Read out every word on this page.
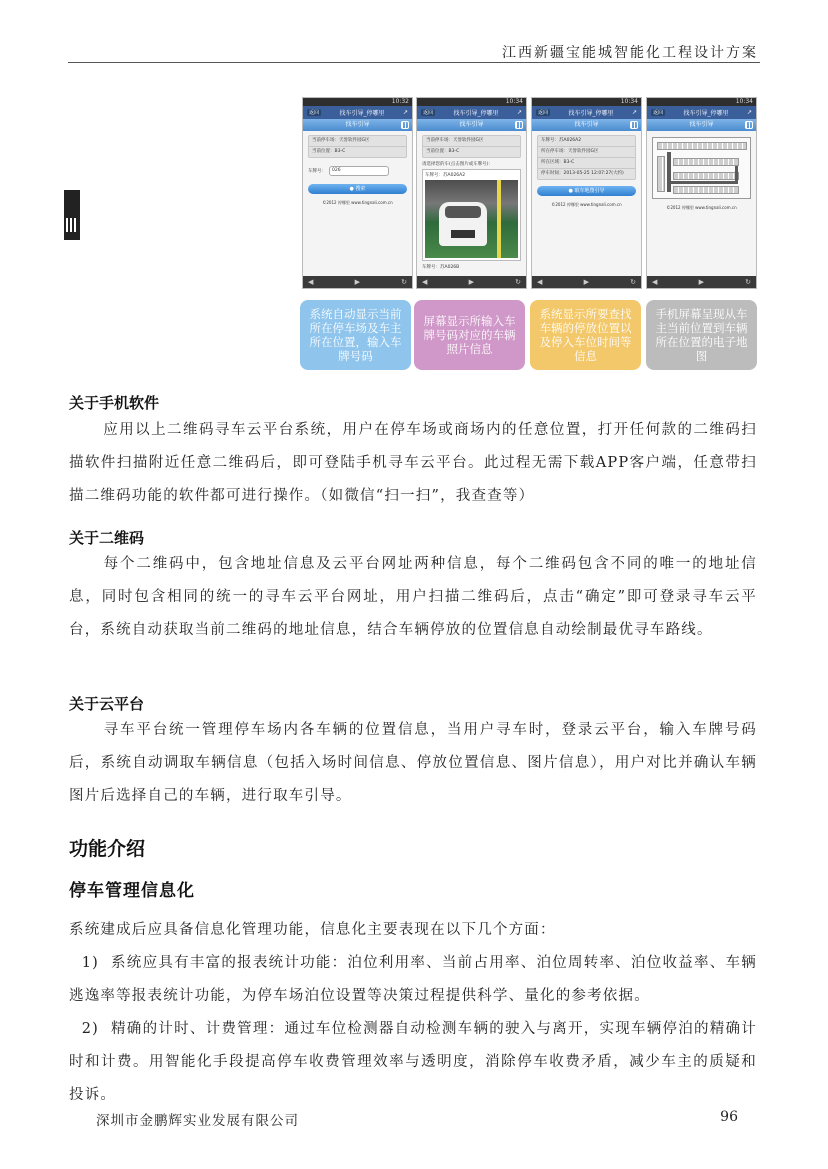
江西新疆宝能城智能化工程设计方案
10:32
返回	找车引导_停哪里	↗
找车引导
当前停车场：天誉软件园G区
当前位置：B3-C
车牌号：	026
● 搜索
©2012 停哪里 www.tingnali.com.cn
◀	▶	↻
10:34
返回	找车引导_停哪里	↗
找车引导
当前停车场：天誉软件园G区
当前位置：B3-C
请选择您的车(点击图片或车牌号)：
车牌号：苏A026A2
车牌号：苏A026B
◀	▶	↻
10:34
返回	找车引导_停哪里	↗
找车引导
车牌号：苏A026A2
所在停车场：天誉软件园G区
所在区域：B3-C
停车时间：2013-05-25 12:07:27(大约)
● 取车地图引导
©2012 停哪里 www.tingnali.com.cn
◀	▶	↻
10:34
返回	找车引导_停哪里	↗
找车引导
©2012 停哪里 www.tingnali.com.cn
◀	▶	↻
系统自动显示当前所在停车场及车主所在位置，输入车牌号码
屏幕显示所输入车牌号码对应的车辆照片信息
系统显示所要查找车辆的停放位置以及停入车位时间等信息
手机屏幕呈现从车主当前位置到车辆所在位置的电子地图
关于手机软件
应用以上二维码寻车云平台系统，用户在停车场或商场内的任意位置，打开任何款的二维码扫描软件扫描附近任意二维码后，即可登陆手机寻车云平台。此过程无需下载APP客户端，任意带扫描二维码功能的软件都可进行操作。（如微信“扫一扫”，我查查等）
关于二维码
每个二维码中，包含地址信息及云平台网址两种信息，每个二维码包含不同的唯一的地址信息，同时包含相同的统一的寻车云平台网址，用户扫描二维码后，点击“确定”即可登录寻车云平台，系统自动获取当前二维码的地址信息，结合车辆停放的位置信息自动绘制最优寻车路线。
关于云平台
寻车平台统一管理停车场内各车辆的位置信息，当用户寻车时，登录云平台，输入车牌号码后，系统自动调取车辆信息（包括入场时间信息、停放位置信息、图片信息），用户对比并确认车辆图片后选择自己的车辆，进行取车引导。
功能介绍
停车管理信息化
系统建成后应具备信息化管理功能，信息化主要表现在以下几个方面：
1) 系统应具有丰富的报表统计功能：泊位利用率、当前占用率、泊位周转率、泊位收益率、车辆逃逸率等报表统计功能，为停车场泊位设置等决策过程提供科学、量化的参考依据。
2) 精确的计时、计费管理：通过车位检测器自动检测车辆的驶入与离开，实现车辆停泊的精确计时和计费。用智能化手段提高停车收费管理效率与透明度，消除停车收费矛盾，减少车主的质疑和投诉。
深圳市金鹏辉实业发展有限公司	96
